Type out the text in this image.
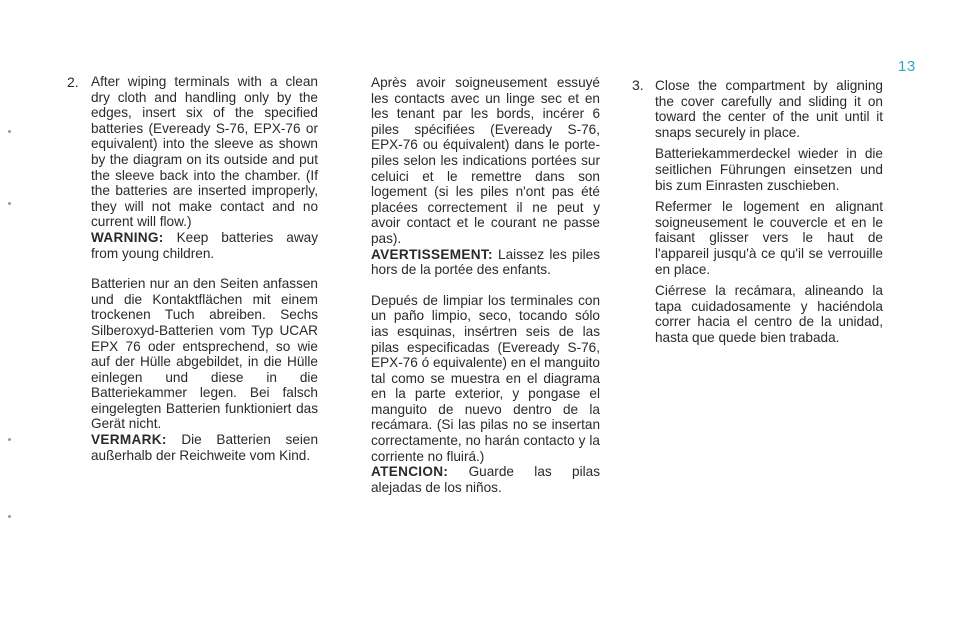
13
2. After wiping terminals with a clean dry cloth and handling only by the edges, insert six of the specified batteries (Eveready S-76, EPX-76 or equivalent) into the sleeve as shown by the diagram on its outside and put the sleeve back into the chamber. (If the batteries are inserted improperly, they will not make contact and no current will flow.)

WARNING: Keep batteries away from young children.

Batterien nur an den Seiten anfassen und die Kontaktflächen mit einem trockenen Tuch abreiben. Sechs Silberoxyd-Batterien vom Typ UCAR EPX 76 oder entsprechend, so wie auf der Hülle abgebildet, in die Hülle einlegen und diese in die Batteriekammer legen. Bei falsch eingelegten Batterien funktioniert das Gerät nicht.

VERMARK: Die Batterien seien außerhalb der Reichweite vom Kind.

Après avoir soigneusement essuyé les contacts avec un linge sec et en les tenant par les bords, incérer 6 piles spécifiées (Eveready S-76, EPX-76 ou équivalent) dans le porte-piles selon les indications portées sur celuici et le remettre dans son logement (si les piles n'ont pas été placées correctement il ne peut y avoir contact et le courant ne passe pas).

AVERTISSEMENT: Laissez les piles hors de la portée des enfants.

Depués de limpiar los terminales con un paño limpio, seco, tocando sólo ias esquinas, insértren seis de las pilas especificadas (Eveready S-76, EPX-76 ó equivalente) en el manguito tal como se muestra en el diagrama en la parte exterior, y pongase el manguito de nuevo dentro de la recámara. (Si las pilas no se insertan correctamente, no harán contacto y la corriente no fluirá.)

ATENCION: Guarde las pilas alejadas de los niños.

3. Close the compartment by aligning the cover carefully and sliding it on toward the center of the unit until it snaps securely in place.

Batteriekammerdeckel wieder in die seitlichen Führungen einsetzen und bis zum Einrasten zuschieben.

Refermer le logement en alignant soigneusement le couvercle et en le faisant glisser vers le haut de l'appareil jusqu'à ce qu'il se verrouille en place.

Ciérrese la recámara, alineando la tapa cuidadosamente y haciéndola correr hacia el centro de la unidad, hasta que quede bien trabada.
